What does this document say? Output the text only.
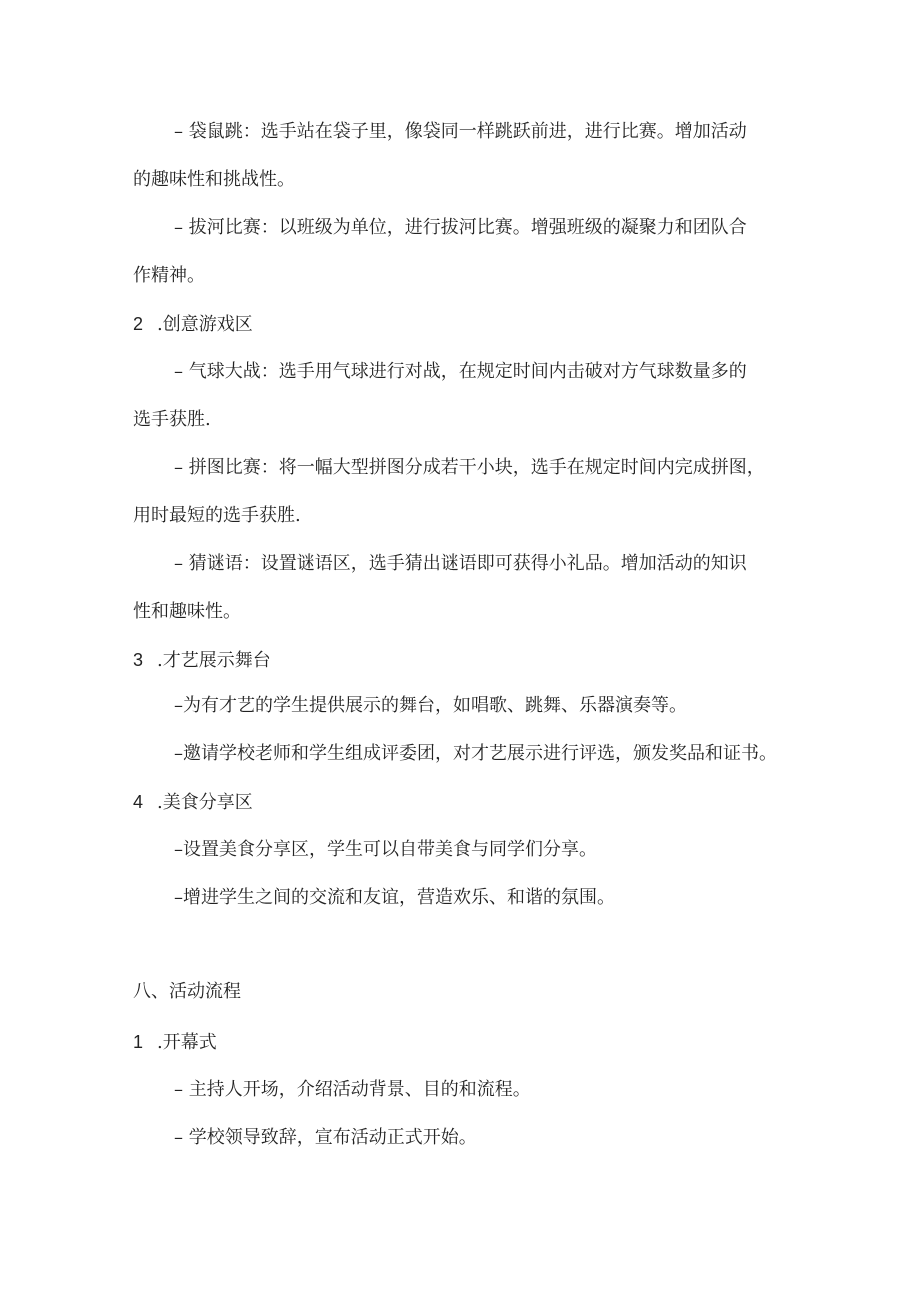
– 袋鼠跳：选手站在袋子里，像袋同一样跳跃前进，进行比赛。增加活动
的趣味性和挑战性。
– 拔河比赛：以班级为单位，进行拔河比赛。增强班级的凝聚力和团队合
作精神。
2 .创意游戏区
– 气球大战：选手用气球进行对战，在规定时间内击破对方气球数量多的
选手获胜.
– 拼图比赛：将一幅大型拼图分成若干小块，选手在规定时间内完成拼图，
用时最短的选手获胜.
– 猜谜语：设置谜语区，选手猜出谜语即可获得小礼品。增加活动的知识
性和趣味性。
3 .才艺展示舞台
–为有才艺的学生提供展示的舞台，如唱歌、跳舞、乐器演奏等。
–邀请学校老师和学生组成评委团，对才艺展示进行评选，颁发奖品和证书。
4 .美食分享区
–设置美食分享区，学生可以自带美食与同学们分享。
–增进学生之间的交流和友谊，营造欢乐、和谐的氛围。
八、活动流程
1 .开幕式
– 主持人开场，介绍活动背景、目的和流程。
– 学校领导致辞，宣布活动正式开始。
